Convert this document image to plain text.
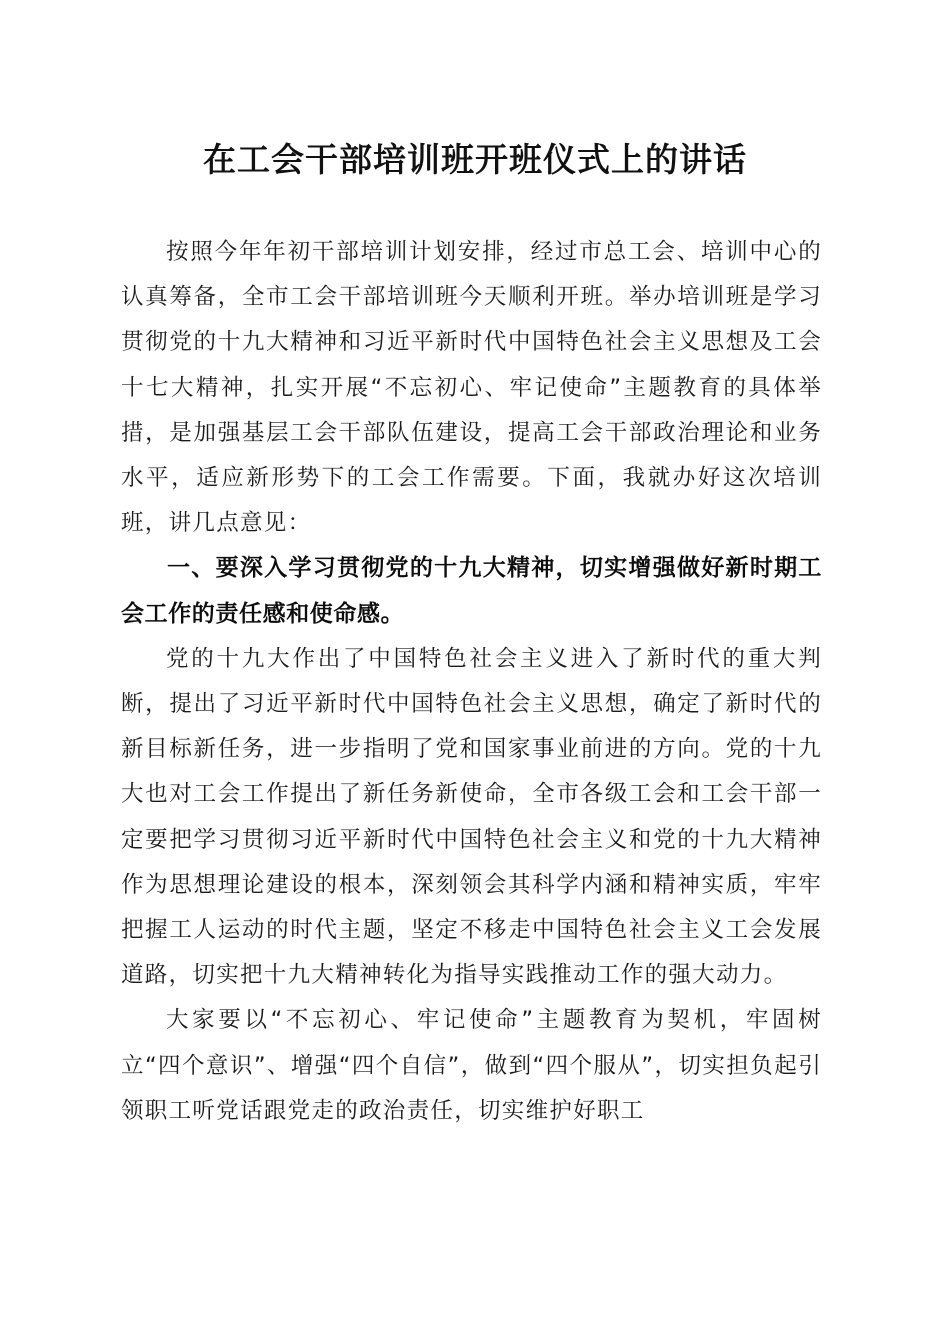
在工会干部培训班开班仪式上的讲话

按照今年年初干部培训计划安排，经过市总工会、培训中心的认真筹备，全市工会干部培训班今天顺利开班。举办培训班是学习贯彻党的十九大精神和习近平新时代中国特色社会主义思想及工会十七大精神，扎实开展“不忘初心、牢记使命”主题教育的具体举措，是加强基层工会干部队伍建设，提高工会干部政治理论和业务水平，适应新形势下的工会工作需要。下面，我就办好这次培训班，讲几点意见：

一、要深入学习贯彻党的十九大精神，切实增强做好新时期工会工作的责任感和使命感。

党的十九大作出了中国特色社会主义进入了新时代的重大判断，提出了习近平新时代中国特色社会主义思想，确定了新时代的新目标新任务，进一步指明了党和国家事业前进的方向。党的十九大也对工会工作提出了新任务新使命，全市各级工会和工会干部一定要把学习贯彻习近平新时代中国特色社会主义和党的十九大精神作为思想理论建设的根本，深刻领会其科学内涵和精神实质，牢牢把握工人运动的时代主题，坚定不移走中国特色社会主义工会发展道路，切实把十九大精神转化为指导实践推动工作的强大动力。

大家要以“不忘初心、牢记使命”主题教育为契机，牢固树立“四个意识”、增强“四个自信”，做到“四个服从”，切实担负起引领职工听党话跟党走的政治责任，切实维护好职工
